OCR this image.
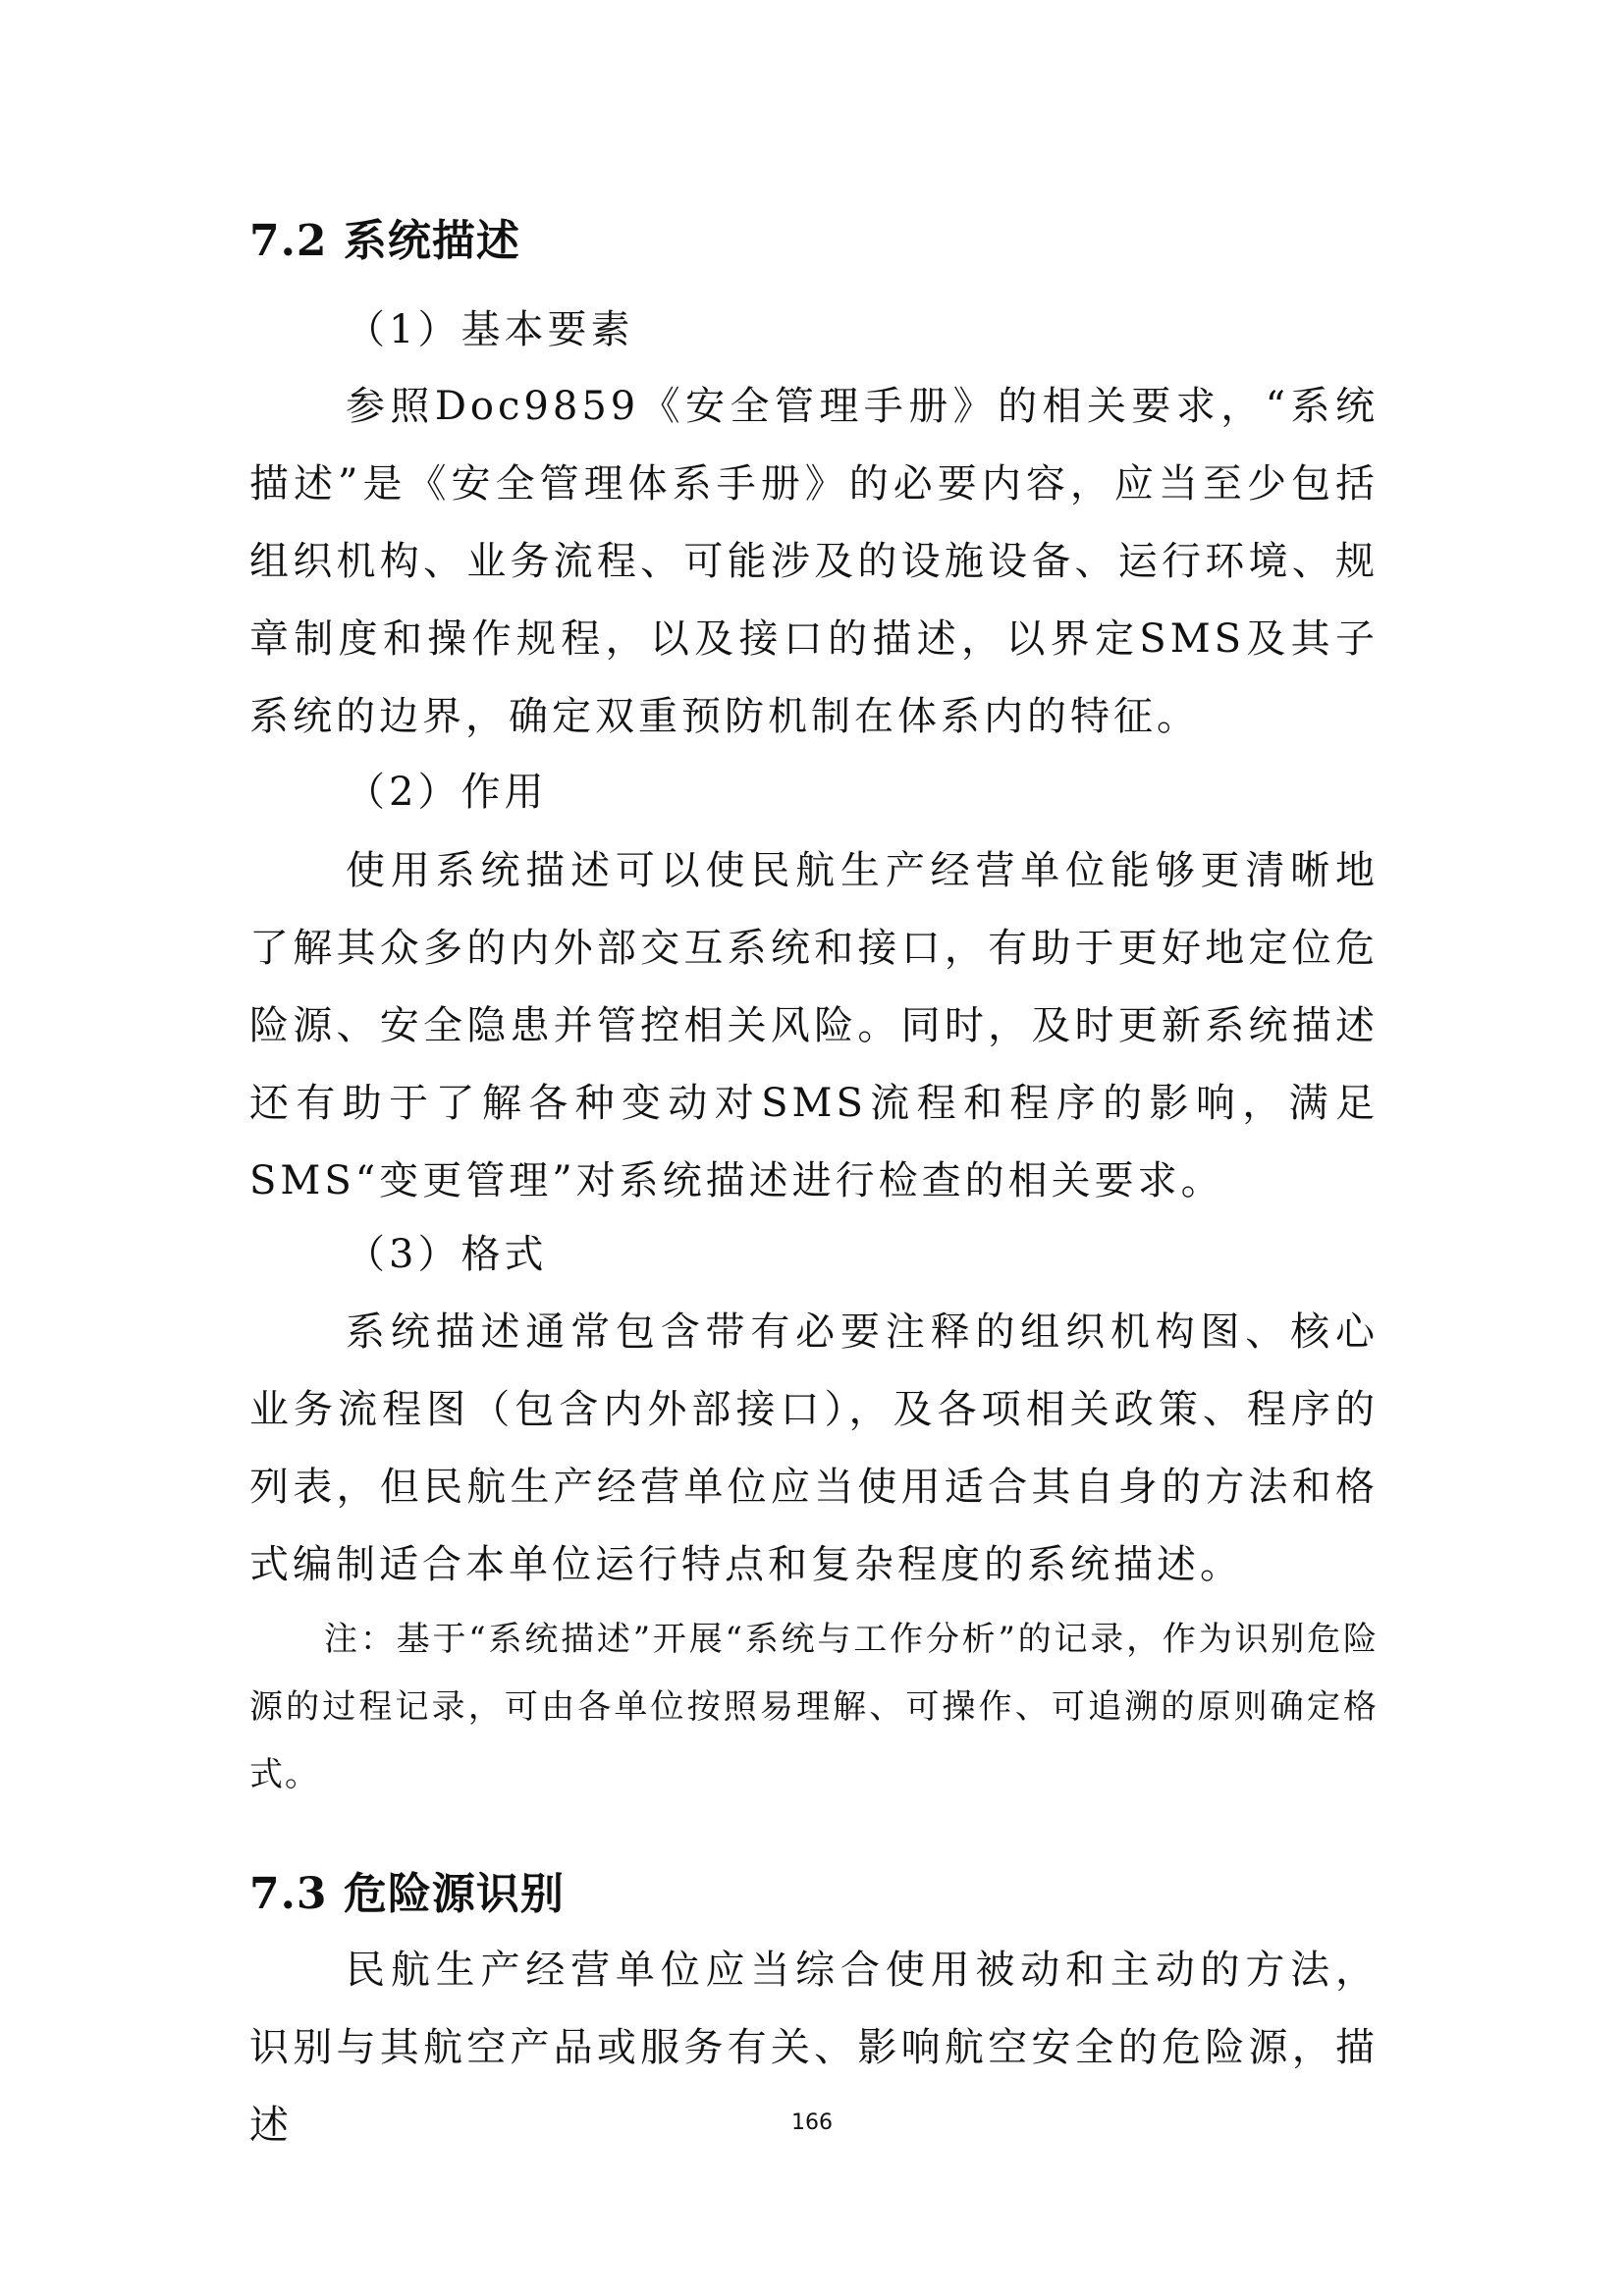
7.2 系统描述
（1）基本要素

参照Doc9859《安全管理手册》的相关要求，“系统描述”是《安全管理体系手册》的必要内容，应当至少包括组织机构、业务流程、可能涉及的设施设备、运行环境、规章制度和操作规程，以及接口的描述，以界定SMS及其子系统的边界，确定双重预防机制在体系内的特征。

（2）作用

使用系统描述可以使民航生产经营单位能够更清晰地了解其众多的内外部交互系统和接口，有助于更好地定位危险源、安全隐患并管控相关风险。同时，及时更新系统描述还有助于了解各种变动对SMS流程和程序的影响，满足SMS“变更管理”对系统描述进行检查的相关要求。

（3）格式

系统描述通常包含带有必要注释的组织机构图、核心业务流程图（包含内外部接口），及各项相关政策、程序的列表，但民航生产经营单位应当使用适合其自身的方法和格式编制适合本单位运行特点和复杂程度的系统描述。

注：基于“系统描述”开展“系统与工作分析”的记录，作为识别危险源的过程记录，可由各单位按照易理解、可操作、可追溯的原则确定格式。

7.3 危险源识别

民航生产经营单位应当综合使用被动和主动的方法，识别与其航空产品或服务有关、影响航空安全的危险源，描述	166
